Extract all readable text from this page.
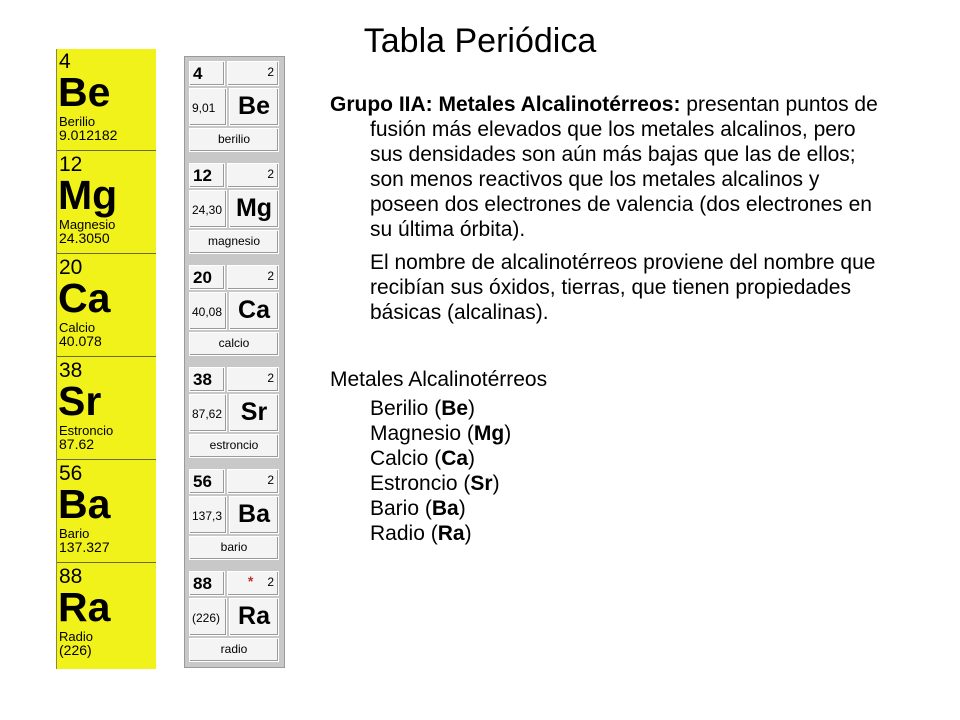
Tabla Periódica
4
Be
Berilio
9.012182
12
Mg
Magnesio
24.3050
20
Ca
Calcio
40.078
38
Sr
Estroncio
87.62
56
Ba
Bario
137.327
88
Ra
Radio
(226)
4	2
9,01 Be
berilio
12	2
24,30 Mg
magnesio
20	2
40,08 Ca
calcio
38	2
87,62 Sr
estroncio
56	2
137,3 Ba
bario
88	* 2
(226) Ra
radio

Grupo IIA: Metales Alcalinotérreos: presentan puntos de fusión más elevados que los metales alcalinos, pero sus densidades son aún más bajas que las de ellos; son menos reactivos que los metales alcalinos y poseen dos electrones de valencia (dos electrones en su última órbita).

El nombre de alcalinotérreos proviene del nombre que recibían sus óxidos, tierras, que tienen propiedades básicas (alcalinas).

Metales Alcalinotérreos
Berilio (Be)
Magnesio (Mg)
Calcio (Ca)
Estroncio (Sr)
Bario (Ba)
Radio (Ra)
